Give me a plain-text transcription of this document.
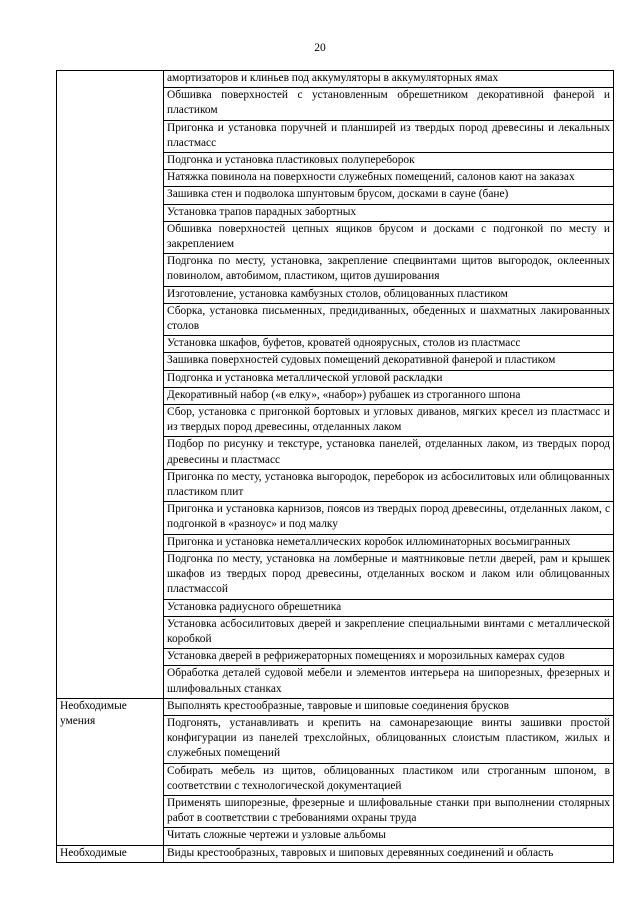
20
	амортизаторов и клиньев под аккумуляторы в аккумуляторных ямах
	Обшивка поверхностей с установленным обрешетником декоративной фанерой и пластиком
	Пригонка и установка поручней и планширей из твердых пород древесины и лекальных пластмасс
	Подгонка и установка пластиковых полупереборок
	Натяжка повинола на поверхности служебных помещений, салонов кают на заказах
	Зашивка стен и подволока шпунтовым брусом, досками в сауне (бане)
	Установка трапов парадных забортных
	Обшивка поверхностей цепных ящиков брусом и досками с подгонкой по месту и закреплением
	Подгонка по месту, установка, закрепление спецвинтами щитов выгородок, оклеенных повинолом, автобимом, пластиком, щитов душирования
	Изготовление, установка камбузных столов, облицованных пластиком
	Сборка, установка письменных, предидиванных, обеденных и шахматных лакированных столов
	Установка шкафов, буфетов, кроватей одноярусных, столов из пластмасс
	Зашивка поверхностей судовых помещений декоративной фанерой и пластиком
	Подгонка и установка металлической угловой раскладки
	Декоративный набор («в елку», «набор») рубашек из строганного шпона
	Сбор, установка с пригонкой бортовых и угловых диванов, мягких кресел из пластмасс и из твердых пород древесины, отделанных лаком
	Подбор по рисунку и текстуре, установка панелей, отделанных лаком, из твердых пород древесины и пластмасс
	Пригонка по месту, установка выгородок, переборок из асбосилитовых или облицованных пластиком плит
	Пригонка и установка карнизов, поясов из твердых пород древесины, отделанных лаком, с подгонкой в «разноус» и под малку
	Пригонка и установка неметаллических коробок иллюминаторных восьмигранных
	Подгонка по месту, установка на ломберные и маятниковые петли дверей, рам и крышек шкафов из твердых пород древесины, отделанных воском и лаком или облицованных пластмассой
	Установка радиусного обрешетника
	Установка асбосилитовых дверей и закрепление специальными винтами с металлической коробкой
	Установка дверей в рефрижераторных помещениях и морозильных камерах судов
	Обработка деталей судовой мебели и элементов интерьера на шипорезных, фрезерных и шлифовальных станках
Необходимые умения	Выполнять крестообразные, тавровые и шиповые соединения брусков
	Подгонять, устанавливать и крепить на самонарезающие винты зашивки простой конфигурации из панелей трехслойных, облицованных слоистым пластиком, жилых и служебных помещений
	Собирать мебель из щитов, облицованных пластиком или строганным шпоном, в соответствии с технологической документацией
	Применять шипорезные, фрезерные и шлифовальные станки при выполнении столярных работ в соответствии с требованиями охраны труда
	Читать сложные чертежи и узловые альбомы
Необходимые	Виды крестообразных, тавровых и шиповых деревянных соединений и область
